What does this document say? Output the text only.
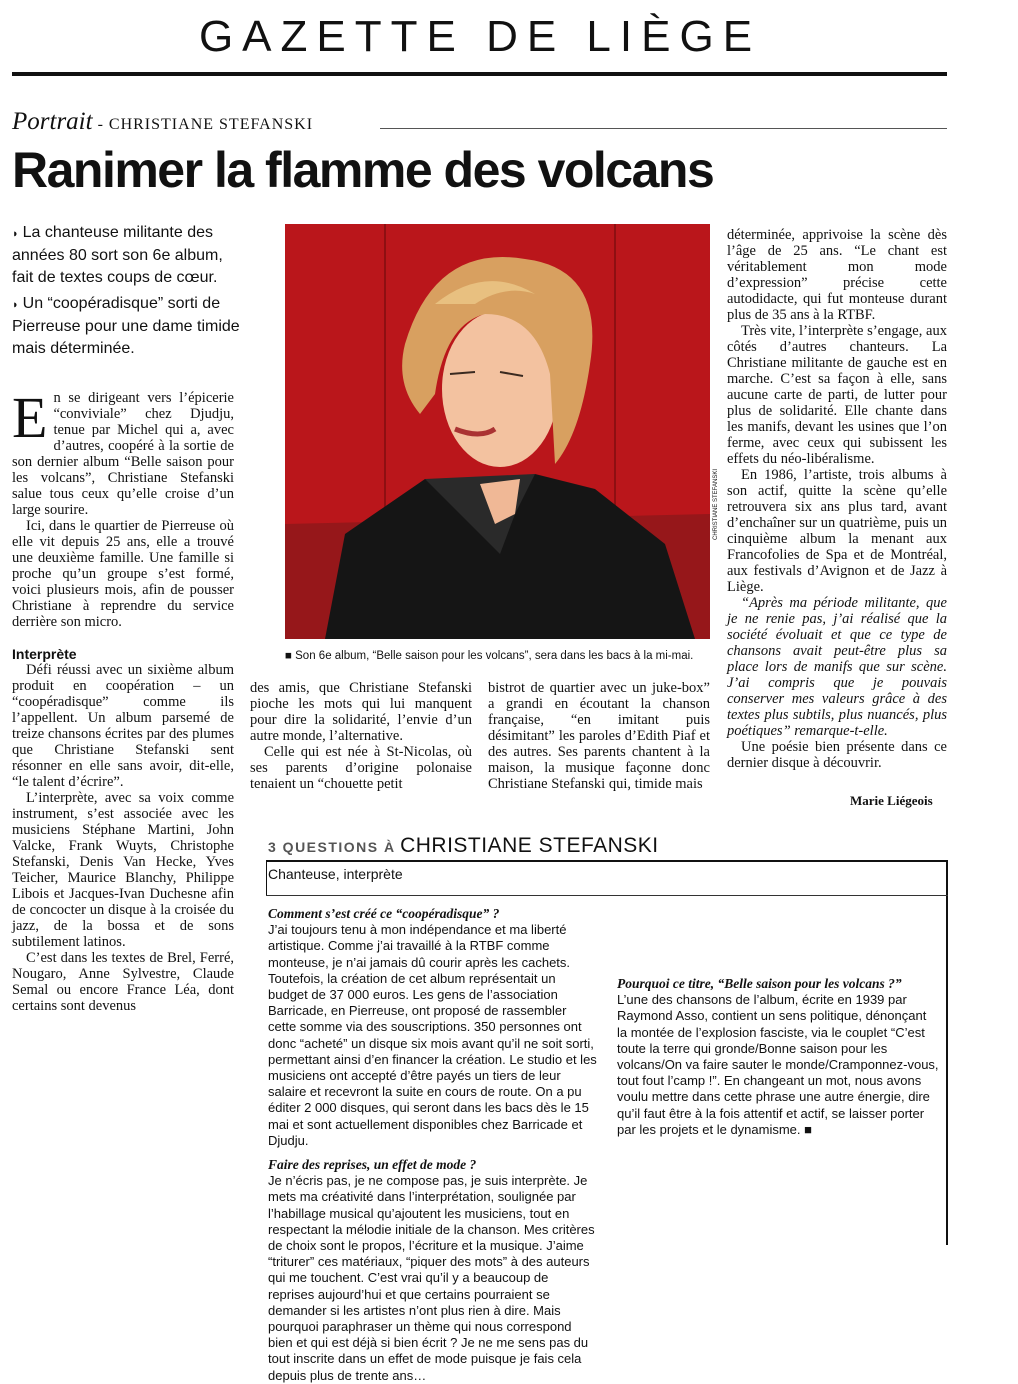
GAZETTE DE LIÈGE
Portrait - CHRISTIANE STEFANSKI
Ranimer la flamme des volcans
◗ La chanteuse militante des années 80 sort son 6e album, fait de textes coups de cœur.
◗ Un “coopéradisque” sorti de Pierreuse pour une dame timide mais déterminée.

En se dirigeant vers l’épicerie “conviviale” chez Djudju, tenue par Michel qui a, avec d’autres, coopéré à la sortie de son dernier album “Belle saison pour les volcans”, Christiane Stefanski salue tous ceux qu’elle croise d’un large sourire.

Ici, dans le quartier de Pierreuse où elle vit depuis 25 ans, elle a trouvé une deuxième famille. Une famille si proche qu’un groupe s’est formé, voici plusieurs mois, afin de pousser Christiane à reprendre du service derrière son micro.

Interprète

Défi réussi avec un sixième album produit en coopération – un “coopéradisque” comme ils l’appellent. Un album parsemé de treize chansons écrites par des plumes que Christiane Stefanski sent résonner en elle sans avoir, dit-elle, “le talent d’écrire”.

L’interprète, avec sa voix comme instrument, s’est associée avec les musiciens Stéphane Martini, John Valcke, Frank Wuyts, Christophe Stefanski, Denis Van Hecke, Yves Teicher, Maurice Blanchy, Philippe Libois et Jacques-Ivan Duchesne afin de concocter un disque à la croisée du jazz, de la bossa et de sons subtilement latinos.

C’est dans les textes de Brel, Ferré, Nougaro, Anne Sylvestre, Claude Semal ou encore France Léa, dont certains sont devenus

CHRISTIANE STEFANSKI
■ Son 6e album, “Belle saison pour les volcans”, sera dans les bacs à la mi-mai.

des amis, que Christiane Stefanski pioche les mots qui lui manquent pour dire la solidarité, l’envie d’un autre monde, l’alternative.

Celle qui est née à St-Nicolas, où ses parents d’origine polonaise tenaient un “chouette petit

bistrot de quartier avec un juke-box” a grandi en écoutant la chanson française, “en imitant puis désimitant” les paroles d’Edith Piaf et des autres. Ses parents chantent à la maison, la musique façonne donc Christiane Stefanski qui, timide mais

déterminée, apprivoise la scène dès l’âge de 25 ans. “Le chant est véritablement mon mode d’expression” précise cette autodidacte, qui fut monteuse durant plus de 35 ans à la RTBF.

Très vite, l’interprète s’engage, aux côtés d’autres chanteurs. La Christiane militante de gauche est en marche. C’est sa façon à elle, sans aucune carte de parti, de lutter pour plus de solidarité. Elle chante dans les manifs, devant les usines que l’on ferme, avec ceux qui subissent les effets du néo-libéralisme.

En 1986, l’artiste, trois albums à son actif, quitte la scène qu’elle retrouvera six ans plus tard, avant d’enchaîner sur un quatrième, puis un cinquième album la menant aux Francofolies de Spa et de Montréal, aux festivals d’Avignon et de Jazz à Liège.

“Après ma période militante, que je ne renie pas, j’ai réalisé que la société évoluait et que ce type de chansons avait peut-être plus sa place lors de manifs que sur scène. J’ai compris que je pouvais conserver mes valeurs grâce à des textes plus subtils, plus nuancés, plus poétiques” remarque-t-elle.

Une poésie bien présente dans ce dernier disque à découvrir.

Marie Liégeois
3 QUESTIONS À CHRISTIANE STEFANSKI
Chanteuse, interprète

Comment s’est créé ce “coopéradisque” ?

J’ai toujours tenu à mon indépendance et ma liberté artistique. Comme j’ai travaillé à la RTBF comme monteuse, je n’ai jamais dû courir après les cachets. Toutefois, la création de cet album représentait un budget de 37 000 euros. Les gens de l’association Barricade, en Pierreuse, ont proposé de rassembler cette somme via des souscriptions. 350 personnes ont donc “acheté” un disque six mois avant qu’il ne soit sorti, permettant ainsi d’en financer la création. Le studio et les musiciens ont accepté d’être payés un tiers de leur salaire et recevront la suite en cours de route. On a pu éditer 2 000 disques, qui seront dans les bacs dès le 15 mai et sont actuellement disponibles chez Barricade et Djudju.

Faire des reprises, un effet de mode ?

Je n’écris pas, je ne compose pas, je suis interprète. Je mets ma créativité dans l’interprétation, soulignée par l’habillage musical qu’ajoutent les musiciens, tout en respectant la mélodie initiale de la chanson. Mes critères de choix sont le propos, l’écriture et la musique. J’aime “triturer” ces matériaux, “piquer des mots” à des auteurs qui me touchent. C’est vrai qu’il y a beaucoup de reprises aujourd’hui et que certains pourraient se demander si les artistes n’ont plus rien à dire. Mais pourquoi paraphraser un thème qui nous correspond bien et qui est déjà si bien écrit ? Je ne me sens pas du tout inscrite dans un effet de mode puisque je fais cela depuis plus de trente ans…

Pourquoi ce titre, “Belle saison pour les volcans ?”

L’une des chansons de l’album, écrite en 1939 par Raymond Asso, contient un sens politique, dénonçant la montée de l’explosion fasciste, via le couplet “C’est toute la terre qui gronde/Bonne saison pour les volcans/On va faire sauter le monde/Cramponnez-vous, tout fout l’camp !”. En changeant un mot, nous avons voulu mettre dans cette phrase une autre énergie, dire qu’il faut être à la fois attentif et actif, se laisser porter par les projets et le dynamisme. ■
